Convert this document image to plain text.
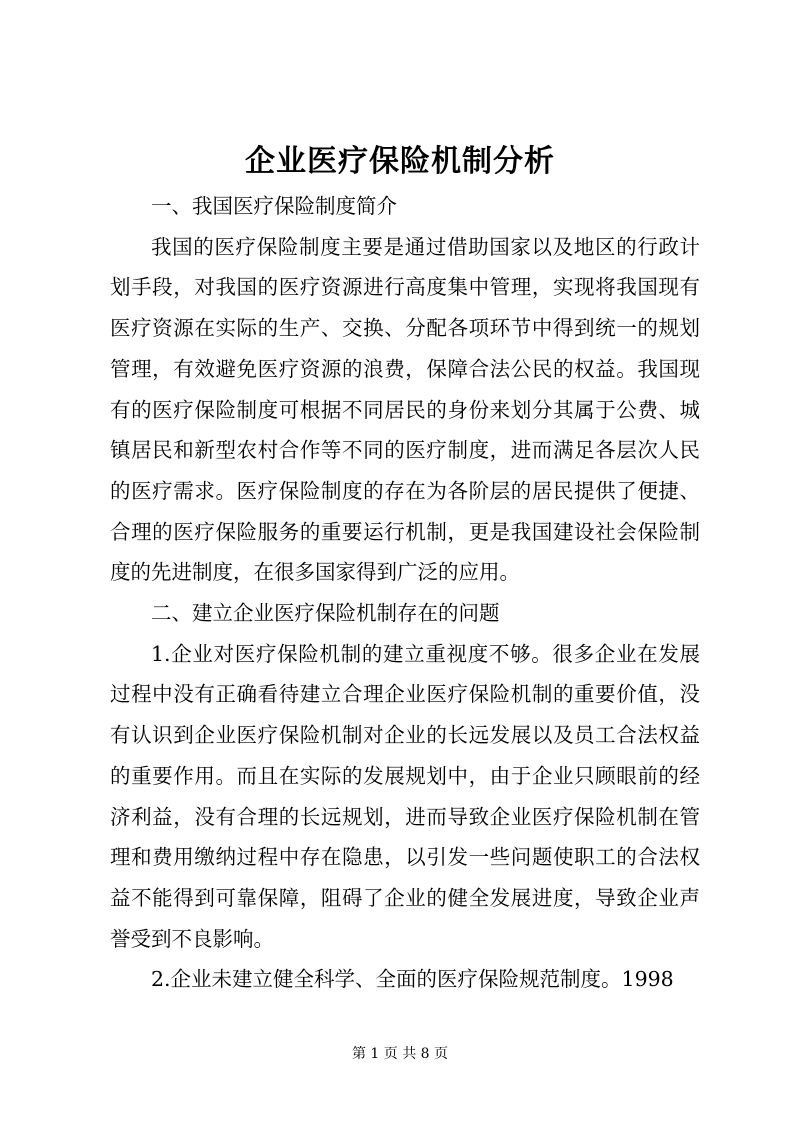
企业医疗保险机制分析

一、我国医疗保险制度简介

我国的医疗保险制度主要是通过借助国家以及地区的行政计划手段，对我国的医疗资源进行高度集中管理，实现将我国现有医疗资源在实际的生产、交换、分配各项环节中得到统一的规划管理，有效避免医疗资源的浪费，保障合法公民的权益。我国现有的医疗保险制度可根据不同居民的身份来划分其属于公费、城镇居民和新型农村合作等不同的医疗制度，进而满足各层次人民的医疗需求。医疗保险制度的存在为各阶层的居民提供了便捷、合理的医疗保险服务的重要运行机制，更是我国建设社会保险制度的先进制度，在很多国家得到广泛的应用。

二、建立企业医疗保险机制存在的问题

1.企业对医疗保险机制的建立重视度不够。很多企业在发展过程中没有正确看待建立合理企业医疗保险机制的重要价值，没有认识到企业医疗保险机制对企业的长远发展以及员工合法权益的重要作用。而且在实际的发展规划中，由于企业只顾眼前的经济利益，没有合理的长远规划，进而导致企业医疗保险机制在管理和费用缴纳过程中存在隐患，以引发一些问题使职工的合法权益不能得到可靠保障，阻碍了企业的健全发展进度，导致企业声誉受到不良影响。

2.企业未建立健全科学、全面的医疗保险规范制度。1998

第 1 页 共 8 页
